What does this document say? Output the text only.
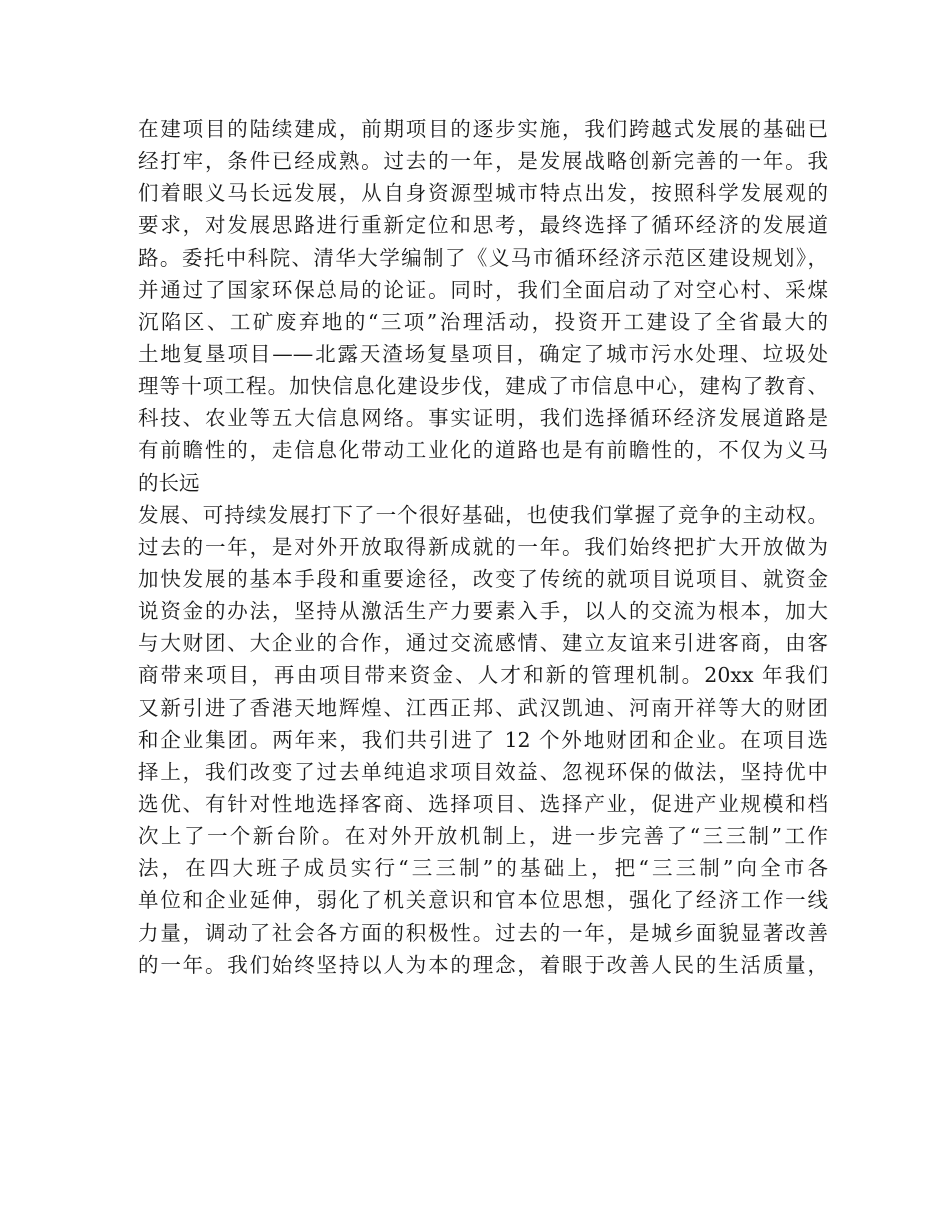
在建项目的陆续建成，前期项目的逐步实施，我们跨越式发展的基础已
经打牢，条件已经成熟。过去的一年，是发展战略创新完善的一年。我
们着眼义马长远发展，从自身资源型城市特点出发，按照科学发展观的
要求，对发展思路进行重新定位和思考，最终选择了循环经济的发展道
路。委托中科院、清华大学编制了《义马市循环经济示范区建设规划》，
并通过了国家环保总局的论证。同时，我们全面启动了对空心村、采煤
沉陷区、工矿废弃地的“三项”治理活动，投资开工建设了全省最大的
土地复垦项目——北露天渣场复垦项目，确定了城市污水处理、垃圾处
理等十项工程。加快信息化建设步伐，建成了市信息中心，建构了教育、
科技、农业等五大信息网络。事实证明，我们选择循环经济发展道路是
有前瞻性的，走信息化带动工业化的道路也是有前瞻性的，不仅为义马
的长远
发展、可持续发展打下了一个很好基础，也使我们掌握了竞争的主动权。
过去的一年，是对外开放取得新成就的一年。我们始终把扩大开放做为
加快发展的基本手段和重要途径，改变了传统的就项目说项目、就资金
说资金的办法，坚持从激活生产力要素入手，以人的交流为根本，加大
与大财团、大企业的合作，通过交流感情、建立友谊来引进客商，由客
商带来项目，再由项目带来资金、人才和新的管理机制。20xx 年我们
又新引进了香港天地辉煌、江西正邦、武汉凯迪、河南开祥等大的财团
和企业集团。两年来，我们共引进了 12 个外地财团和企业。在项目选
择上，我们改变了过去单纯追求项目效益、忽视环保的做法，坚持优中
选优、有针对性地选择客商、选择项目、选择产业，促进产业规模和档
次上了一个新台阶。在对外开放机制上，进一步完善了“三三制”工作
法，在四大班子成员实行“三三制”的基础上，把“三三制”向全市各
单位和企业延伸，弱化了机关意识和官本位思想，强化了经济工作一线
力量，调动了社会各方面的积极性。过去的一年，是城乡面貌显著改善
的一年。我们始终坚持以人为本的理念，着眼于改善人民的生活质量，
